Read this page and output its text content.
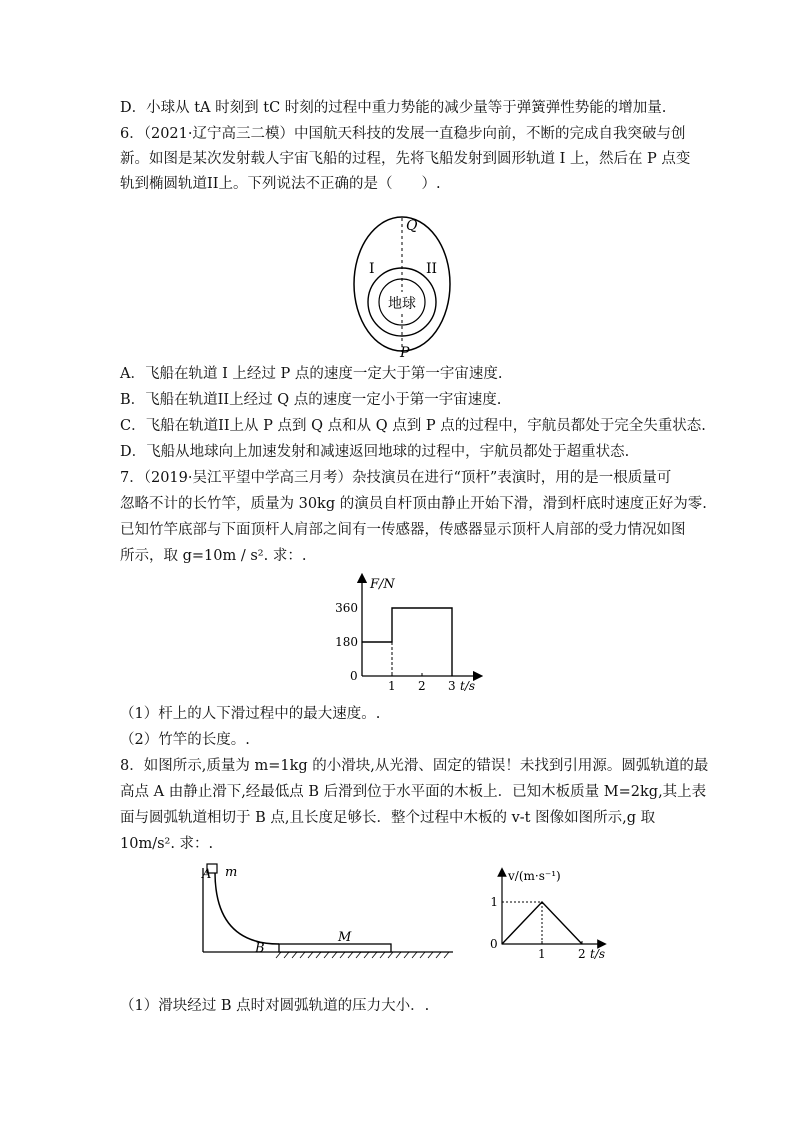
D．小球从 tA 时刻到 tC 时刻的过程中重力势能的减少量等于弹簧弹性势能的增加量.
6．（2021·辽宁高三二模）中国航天科技的发展一直稳步向前，不断的完成自我突破与创
新。如图是某次发射载人宇宙飞船的过程，先将飞船发射到圆形轨道 I 上，然后在 P 点变
轨到椭圆轨道II上。下列说法不正确的是（　　）.
Q
I	II
地球
P
A．飞船在轨道 I 上经过 P 点的速度一定大于第一宇宙速度.
B．飞船在轨道II上经过 Q 点的速度一定小于第一宇宙速度.
C．飞船在轨道II上从 P 点到 Q 点和从 Q 点到 P 点的过程中，宇航员都处于完全失重状态.
D．飞船从地球向上加速发射和减速返回地球的过程中，宇航员都处于超重状态.
7．（2019·吴江平望中学高三月考）杂技演员在进行“顶杆”表演时，用的是一根质量可
忽略不计的长竹竿，质量为 30kg 的演员自杆顶由静止开始下滑，滑到杆底时速度正好为零.
已知竹竿底部与下面顶杆人肩部之间有一传感器，传感器显示顶杆人肩部的受力情况如图
所示，取 g=10m / s². 求：.
F/N
t/s
0
1 2 3
180
360
（1）杆上的人下滑过程中的最大速度。.
（2）竹竿的长度。.
8．如图所示,质量为 m=1kg 的小滑块,从光滑、固定的错误！未找到引用源。圆弧轨道的最
高点 A 由静止滑下,经最低点 B 后滑到位于水平面的木板上．已知木板质量 M=2kg,其上表
面与圆弧轨道相切于 B 点,且长度足够长．整个过程中木板的 v-t 图像如图所示,g 取
10m/s². 求：.
A m
B
M
v/(m·s⁻¹)
t/s
0
1	2
1
（1）滑块经过 B 点时对圆弧轨道的压力大小．.
